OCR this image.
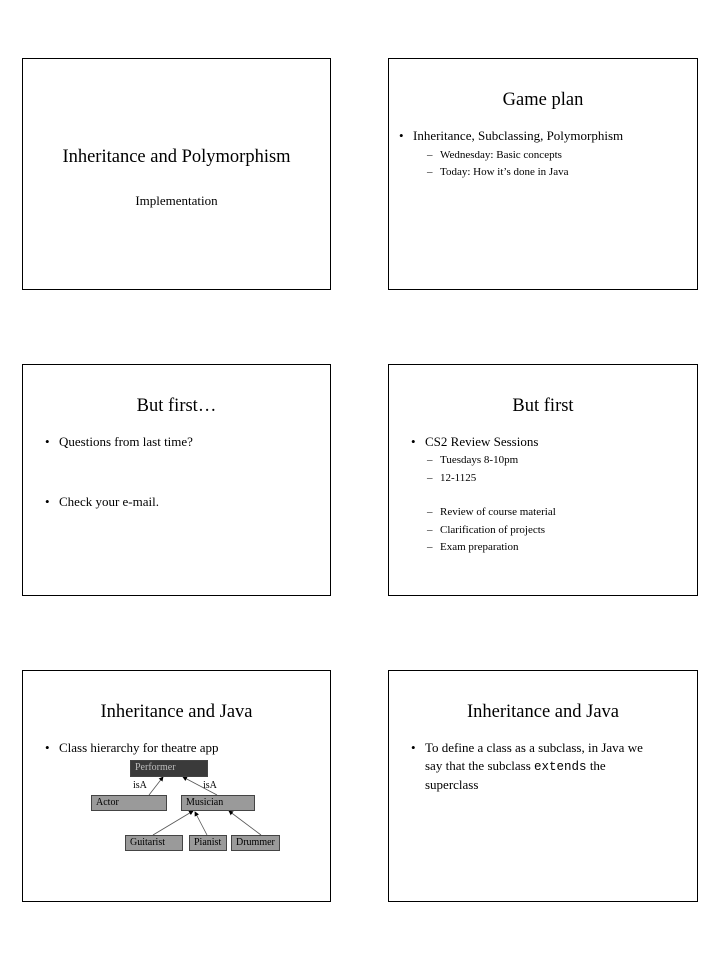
Inheritance and Polymorphism
Implementation
Game plan
• Inheritance, Subclassing, Polymorphism
– Wednesday: Basic concepts
– Today: How it’s done in Java
But first…
• Questions from last time?
• Check your e-mail.
But first
• CS2 Review Sessions
– Tuesdays 8-10pm
– 12-1125
– Review of course material
– Clarification of projects
– Exam preparation
Inheritance and Java
• Class hierarchy for theatre app
Performer
isA	isA
Actor	Musician
Guitarist	Pianist	Drummer
Inheritance and Java
• To define a class as a subclass, in Java we
say that the subclass extends the
superclass
